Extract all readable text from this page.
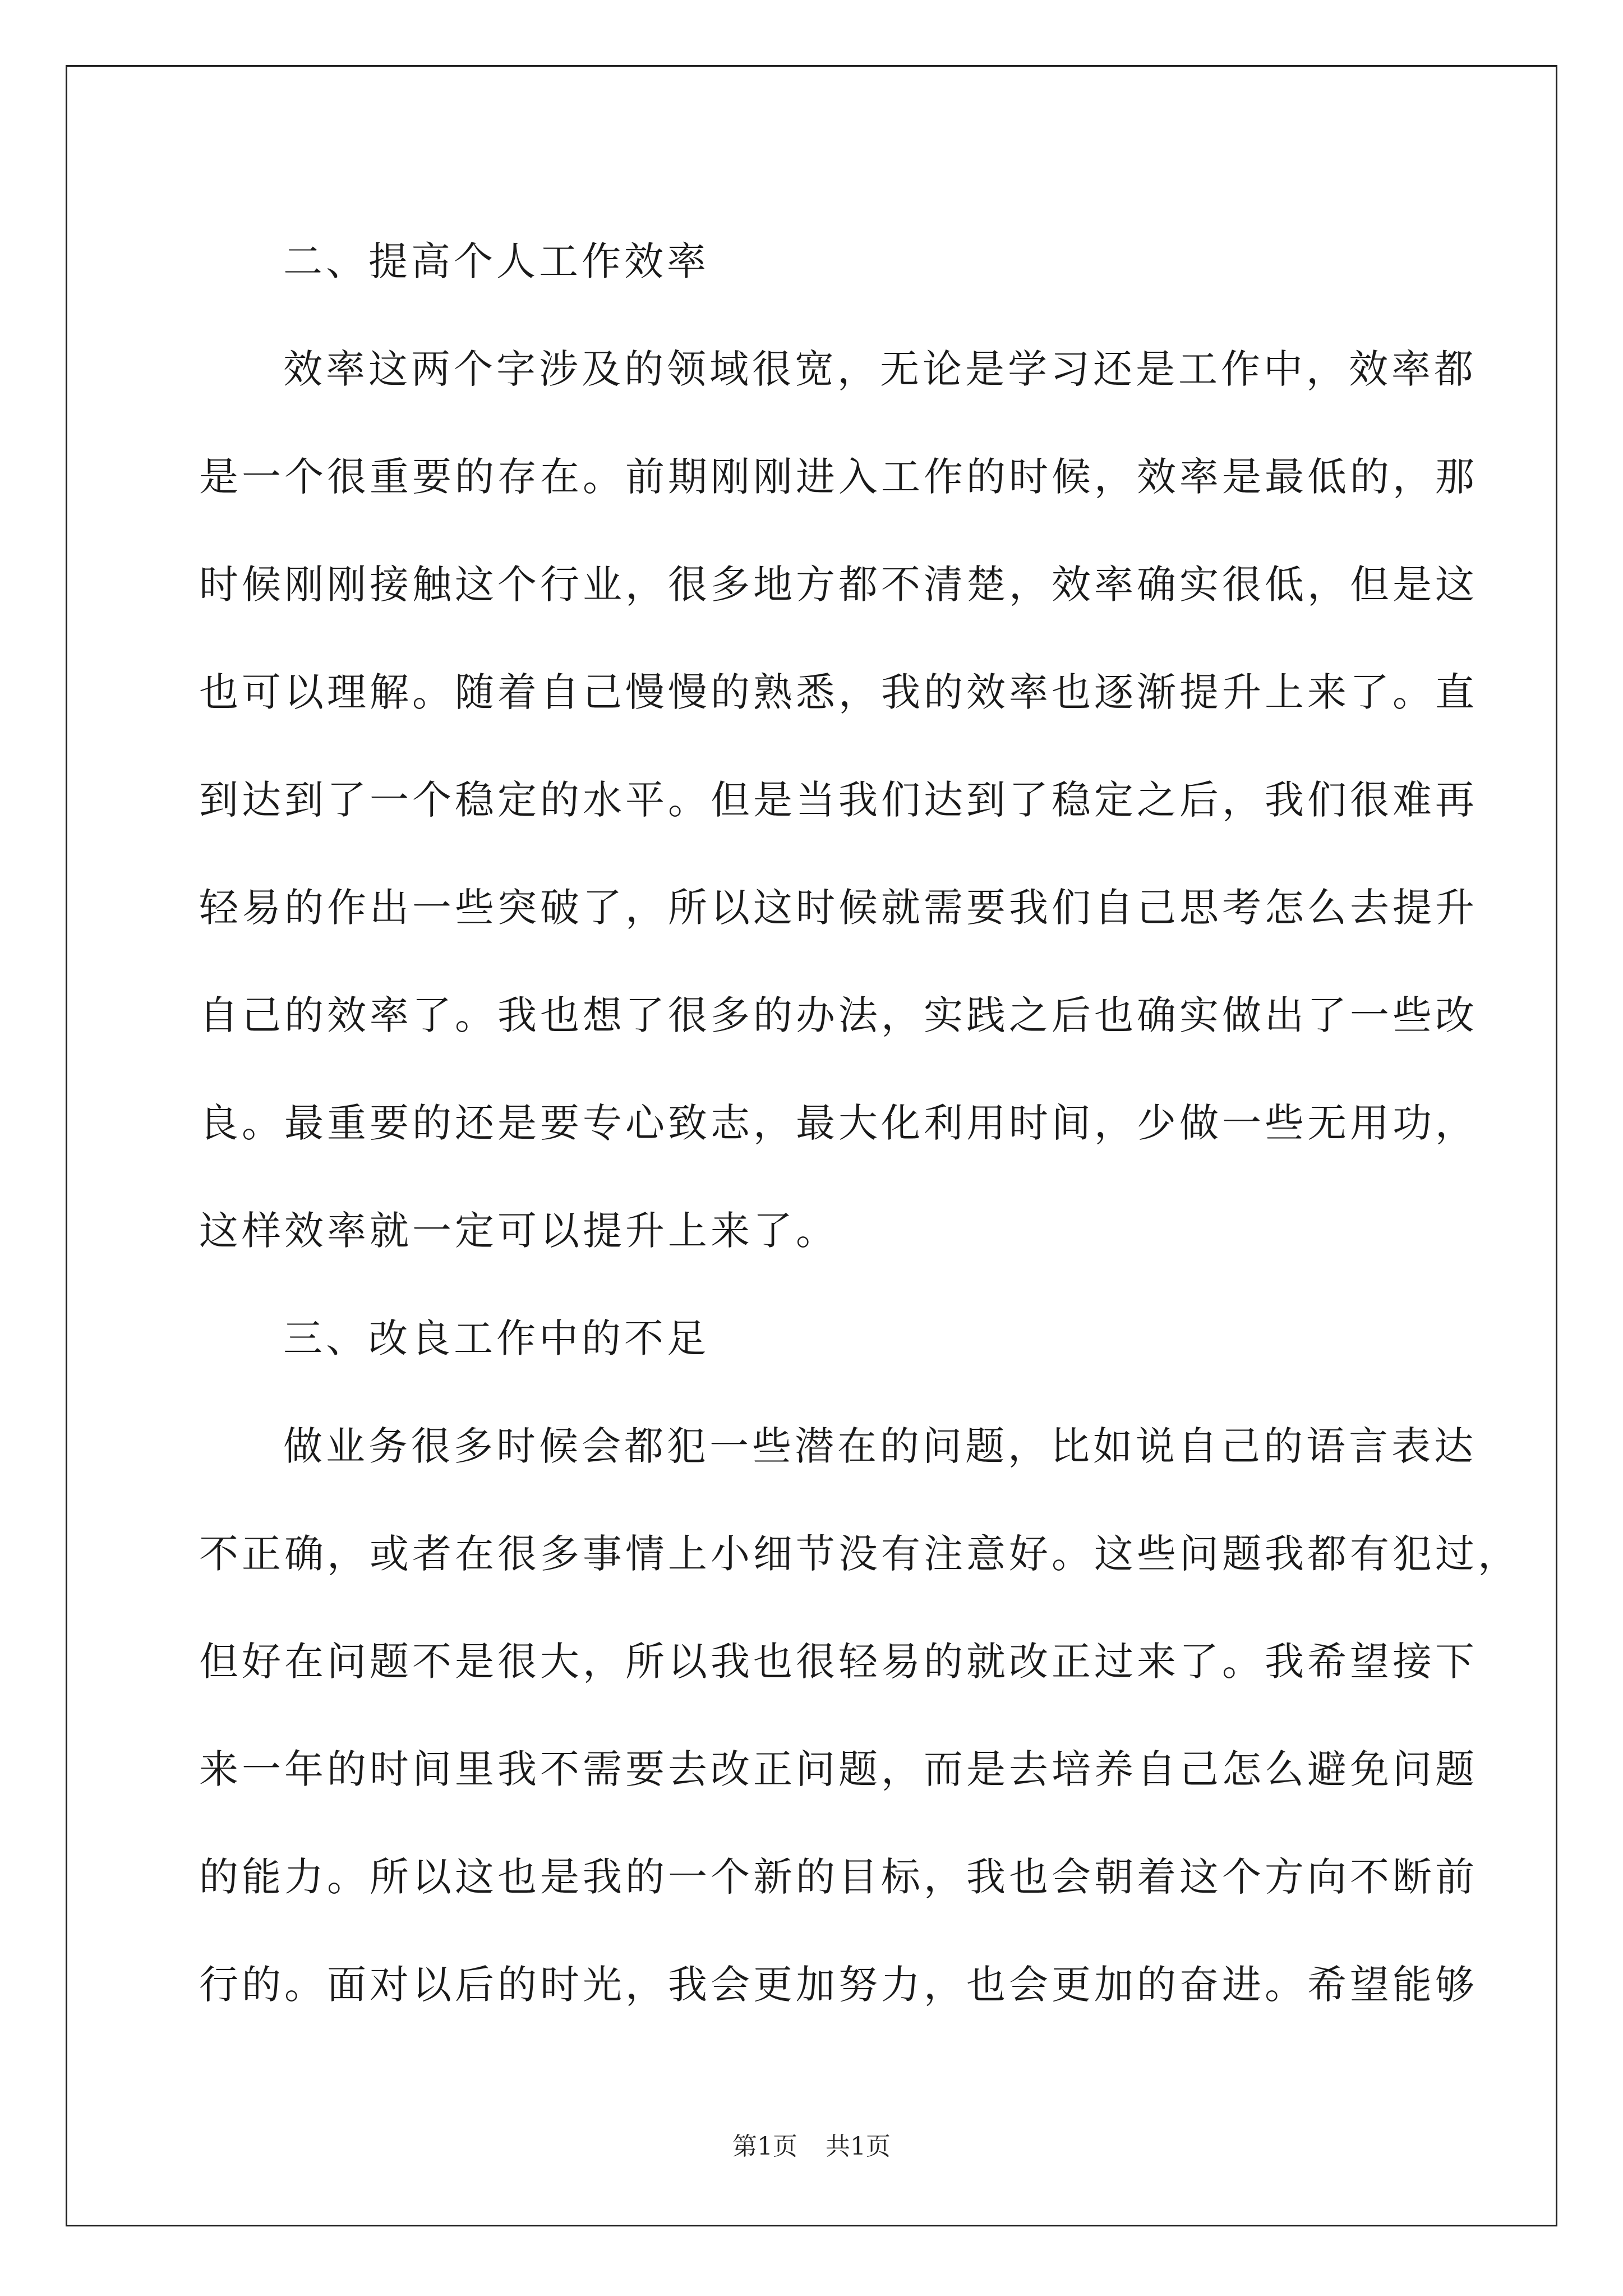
二、提高个人工作效率
效率这两个字涉及的领域很宽，无论是学习还是工作中，效率都
是一个很重要的存在。前期刚刚进入工作的时候，效率是最低的，那
时候刚刚接触这个行业，很多地方都不清楚，效率确实很低，但是这
也可以理解。随着自己慢慢的熟悉，我的效率也逐渐提升上来了。直
到达到了一个稳定的水平。但是当我们达到了稳定之后，我们很难再
轻易的作出一些突破了，所以这时候就需要我们自己思考怎么去提升
自己的效率了。我也想了很多的办法，实践之后也确实做出了一些改
良。最重要的还是要专心致志，最大化利用时间，少做一些无用功，
这样效率就一定可以提升上来了。
三、改良工作中的不足
做业务很多时候会都犯一些潜在的问题，比如说自己的语言表达
不正确，或者在很多事情上小细节没有注意好。这些问题我都有犯过，
但好在问题不是很大，所以我也很轻易的就改正过来了。我希望接下
来一年的时间里我不需要去改正问题，而是去培养自己怎么避免问题
的能力。所以这也是我的一个新的目标，我也会朝着这个方向不断前
行的。面对以后的时光，我会更加努力，也会更加的奋进。希望能够
第1页 共1页
